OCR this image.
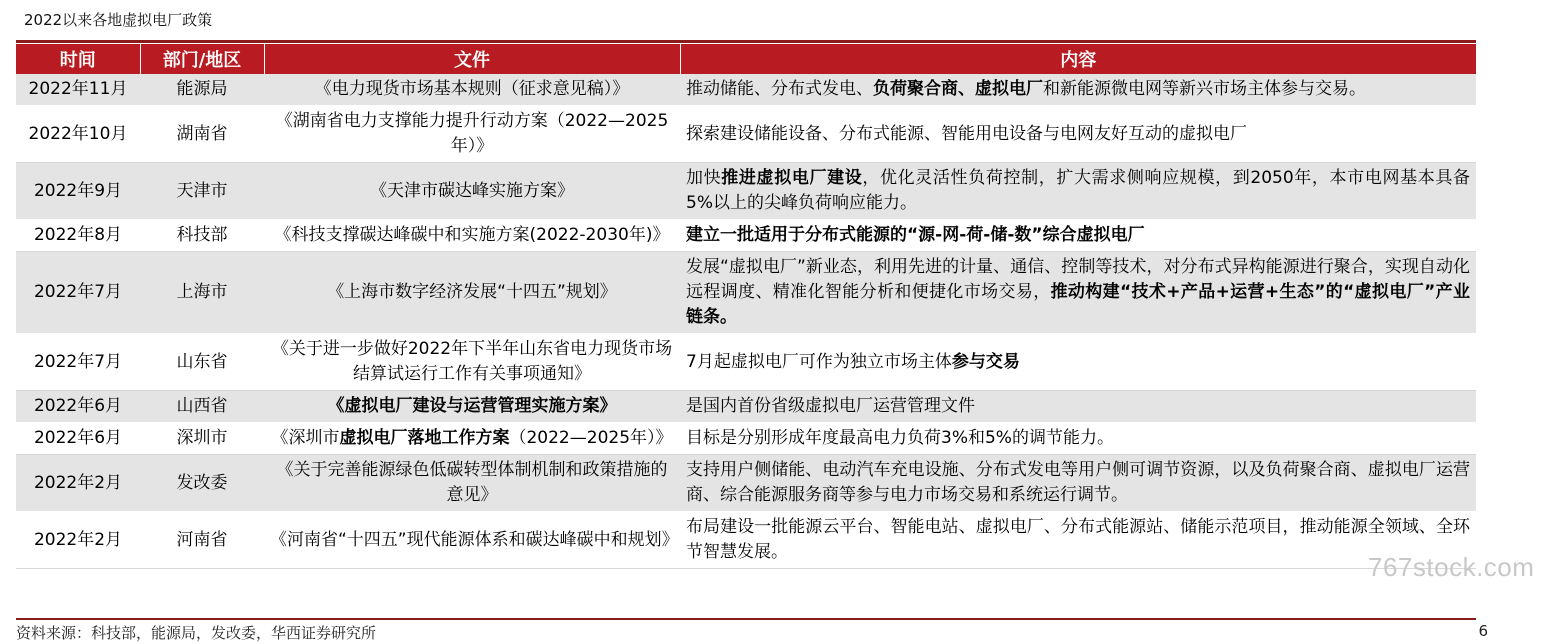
2022以来各地虚拟电厂政策
时间	部门/地区	文件	内容
2022年11月	能源局	《电力现货市场基本规则（征求意见稿）》	推动储能、分布式发电、负荷聚合商、虚拟电厂和新能源微电网等新兴市场主体参与交易。
2022年10月	湖南省	《湖南省电力支撑能力提升行动方案（2022—2025年）》	探索建设储能设备、分布式能源、智能用电设备与电网友好互动的虚拟电厂
2022年9月	天津市	《天津市碳达峰实施方案》	加快推进虚拟电厂建设，优化灵活性负荷控制，扩大需求侧响应规模，到2050年，本市电网基本具备5%以上的尖峰负荷响应能力。
2022年8月	科技部	《科技支撑碳达峰碳中和实施方案(2022-2030年)》	建立一批适用于分布式能源的“源-网-荷-储-数”综合虚拟电厂
2022年7月	上海市	《上海市数字经济发展“十四五”规划》	发展“虚拟电厂”新业态，利用先进的计量、通信、控制等技术，对分布式异构能源进行聚合，实现自动化远程调度、精准化智能分析和便捷化市场交易，推动构建“技术+产品+运营+生态”的“虚拟电厂”产业链条。
2022年7月	山东省	《关于进一步做好2022年下半年山东省电力现货市场结算试运行工作有关事项通知》	7月起虚拟电厂可作为独立市场主体参与交易
2022年6月	山西省	《虚拟电厂建设与运营管理实施方案》	是国内首份省级虚拟电厂运营管理文件
2022年6月	深圳市	《深圳市虚拟电厂落地工作方案（2022—2025年）》	目标是分别形成年度最高电力负荷3%和5%的调节能力。
2022年2月	发改委	《关于完善能源绿色低碳转型体制机制和政策措施的意见》	支持用户侧储能、电动汽车充电设施、分布式发电等用户侧可调节资源，以及负荷聚合商、虚拟电厂运营商、综合能源服务商等参与电力市场交易和系统运行调节。
2022年2月	河南省	《河南省“十四五”现代能源体系和碳达峰碳中和规划》	布局建设一批能源云平台、智能电站、虚拟电厂、分布式能源站、储能示范项目，推动能源全领域、全环节智慧发展。	767stock.com
资料来源：科技部，能源局，发改委，华西证券研究所	6
